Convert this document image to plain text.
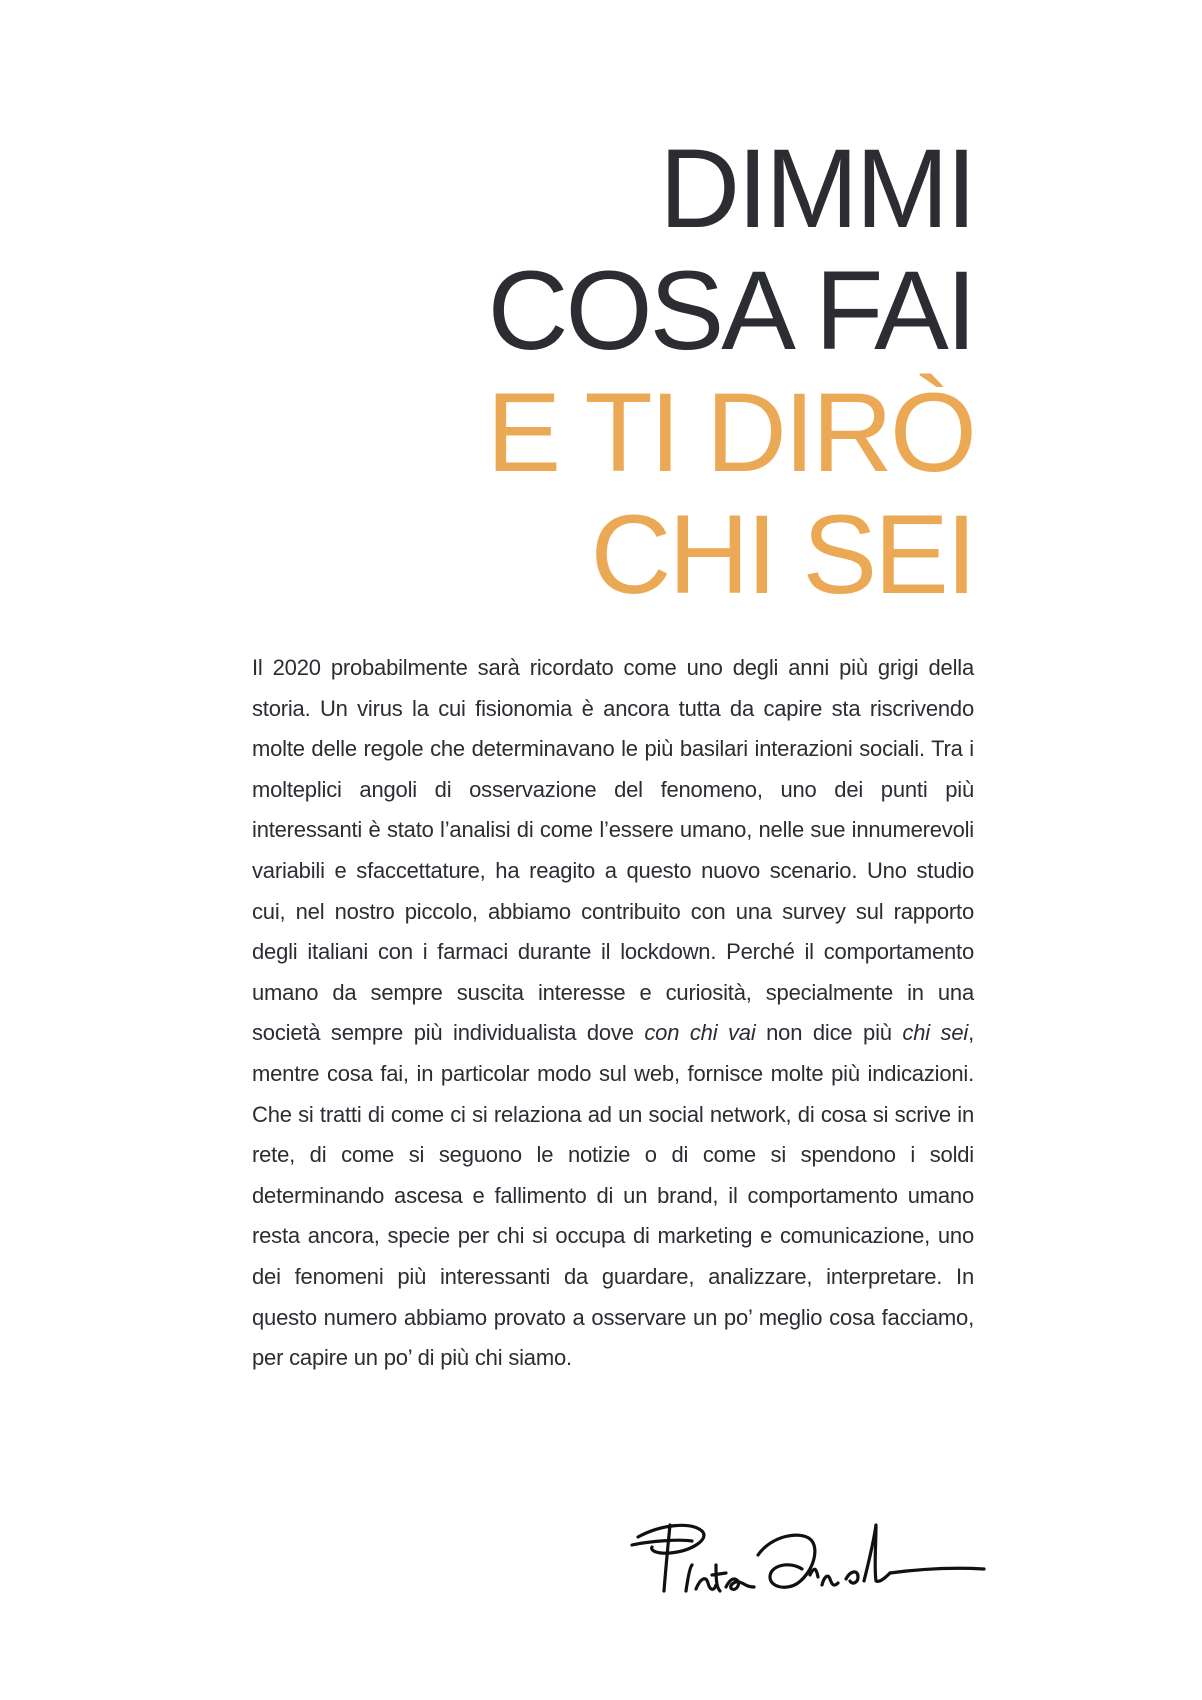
DIMMI
COSA FAI
E TI DIRÒ
CHI SEI
Il 2020 probabilmente sarà ricordato come uno degli anni più grigi della storia. Un virus la cui fisionomia è ancora tutta da capire sta riscrivendo molte delle regole che determinavano le più basilari interazioni sociali. Tra i molteplici angoli di osservazione del fenomeno, uno dei punti più interessanti è stato l’analisi di come l’essere umano, nelle sue innumerevoli variabili e sfaccettature, ha reagito a questo nuovo scenario. Uno studio cui, nel nostro piccolo, abbiamo contribuito con una survey sul rapporto degli italiani con i farmaci durante il lockdown. Perché il comportamento umano da sempre suscita interesse e curiosità, specialmente in una società sempre più individualista dove con chi vai non dice più chi sei, mentre cosa fai, in particolar modo sul web, fornisce molte più indicazioni. Che si tratti di come ci si relaziona ad un social network, di cosa si scrive in rete, di come si seguono le notizie o di come si spendono i soldi determinando ascesa e fallimento di un brand, il comportamento umano resta ancora, specie per chi si occupa di marketing e comunicazione, uno dei fenomeni più interessanti da guardare, analizzare, interpretare. In questo numero abbiamo provato a osservare un po’ meglio cosa facciamo, per capire un po’ di più chi siamo.
